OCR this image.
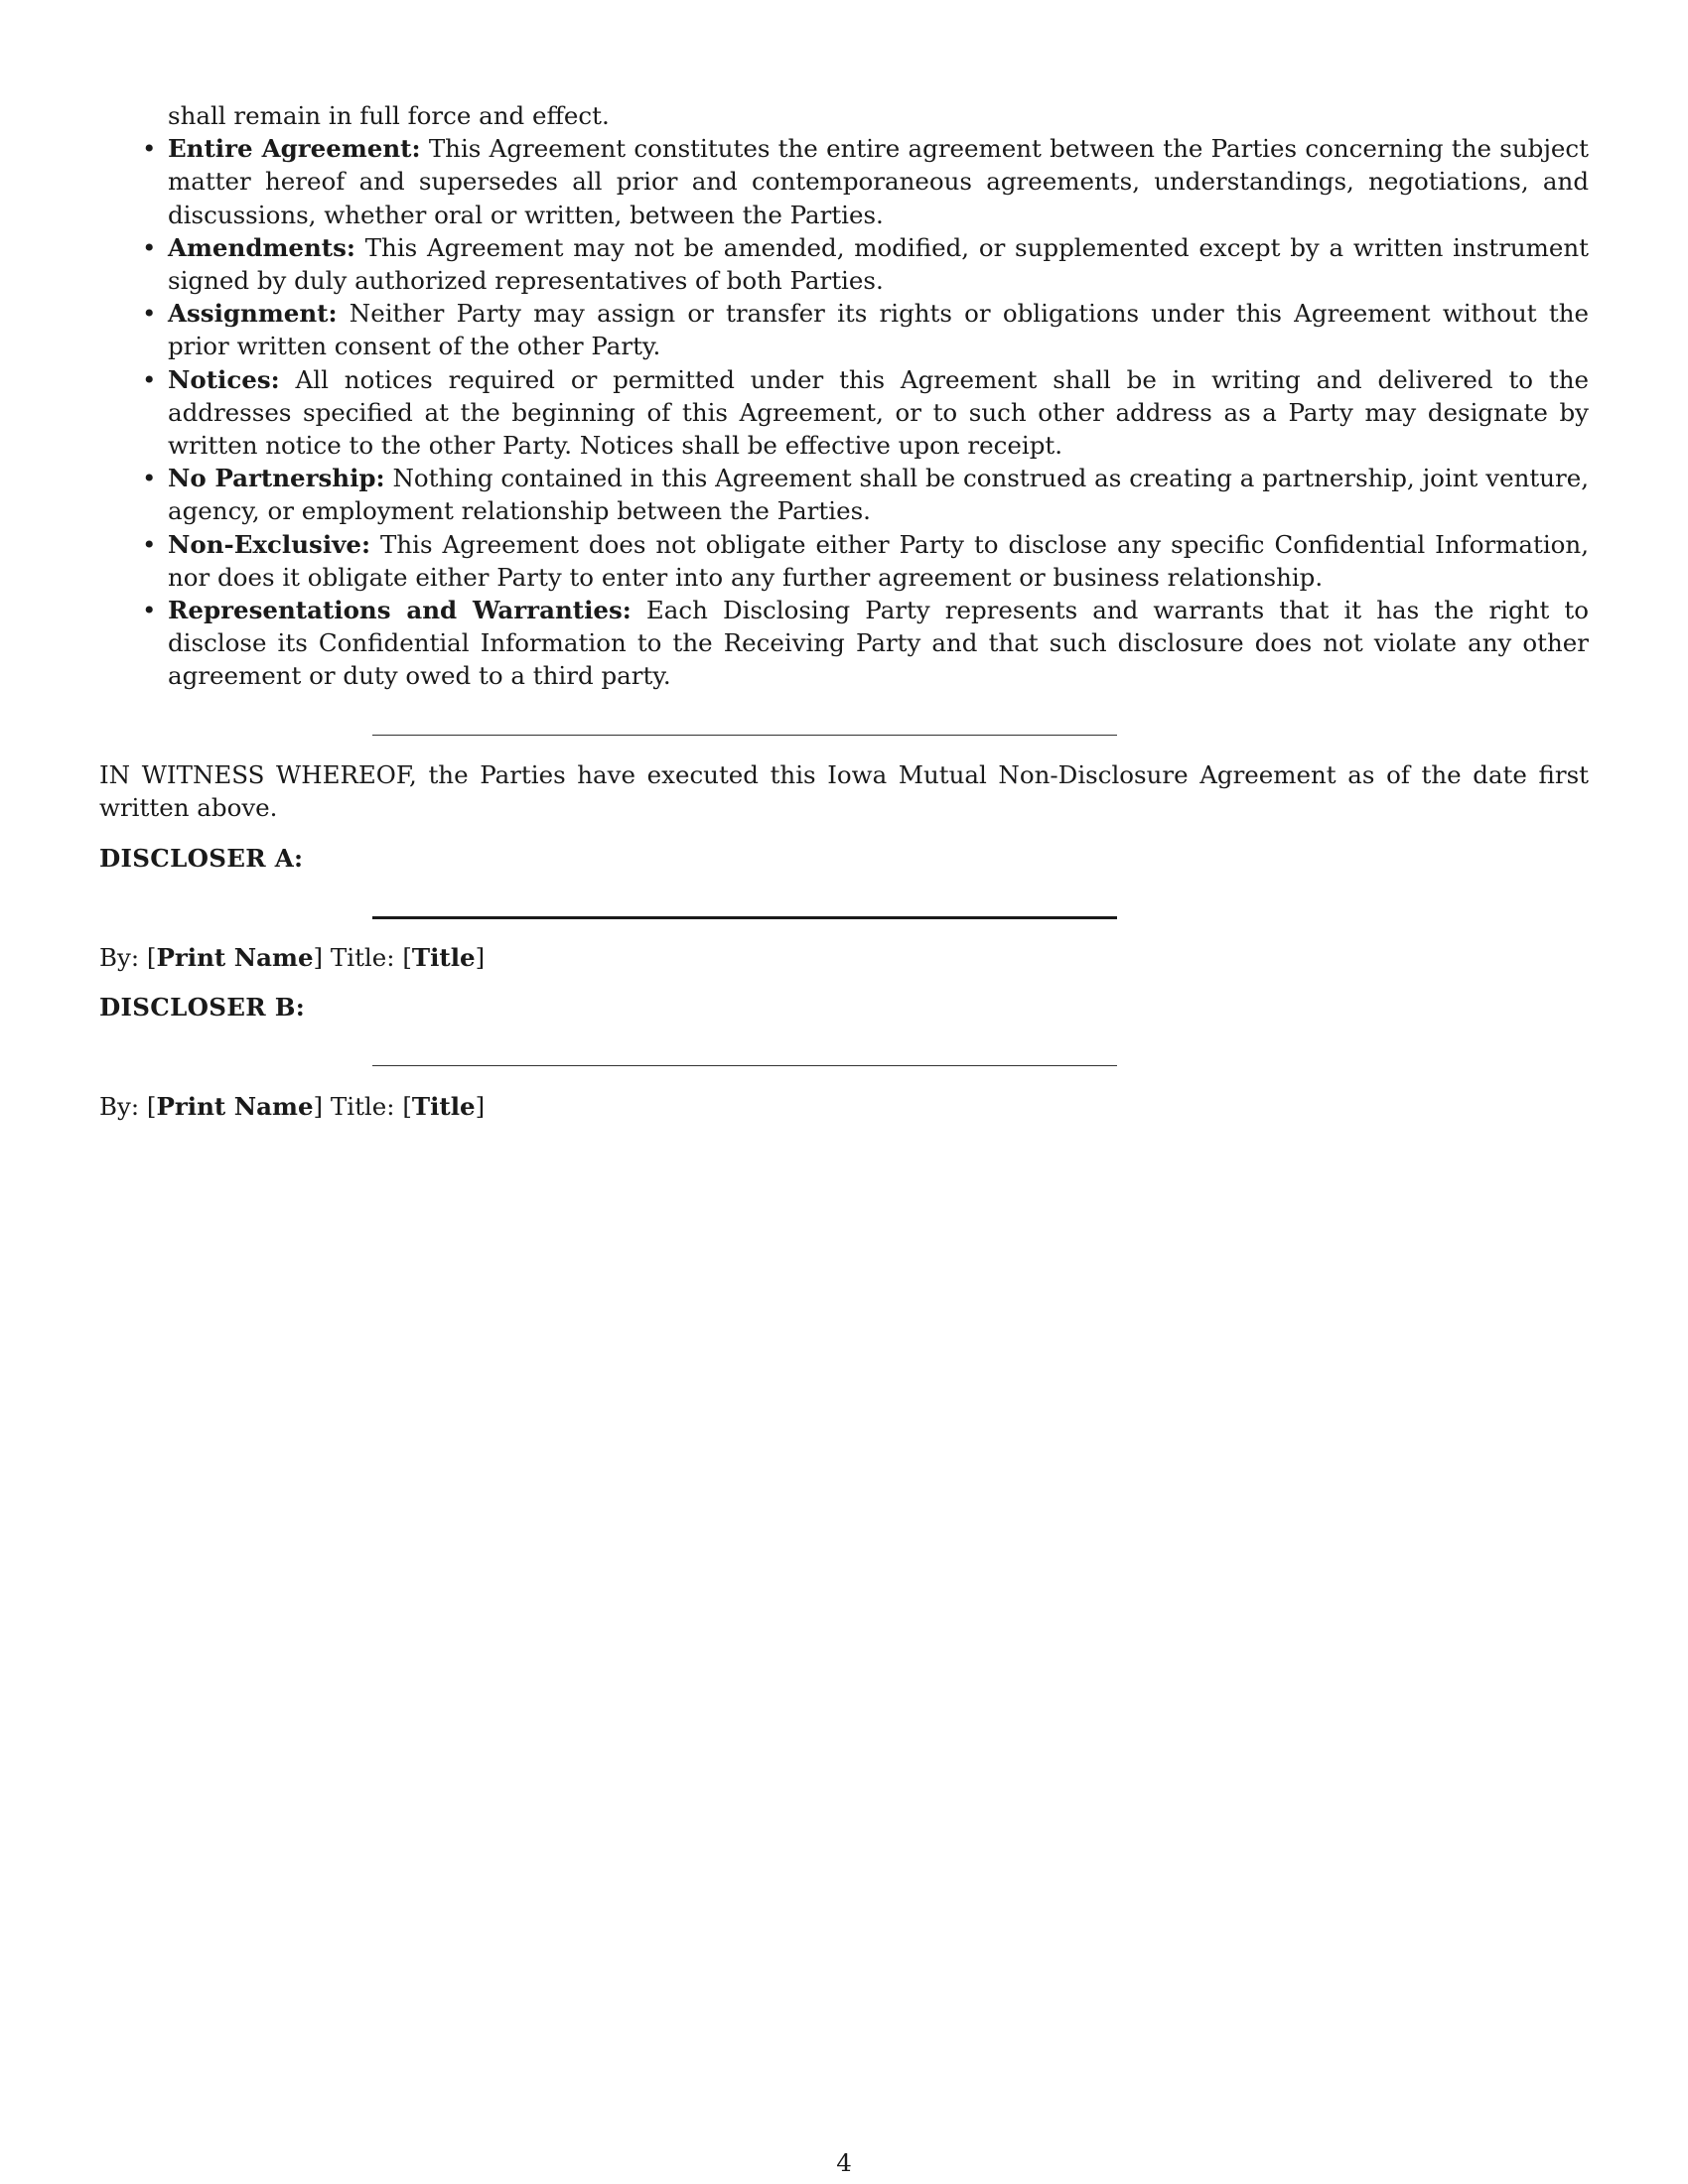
shall remain in full force and effect.

• Entire Agreement: This Agreement constitutes the entire agreement between the Parties concerning the subject matter hereof and supersedes all prior and contemporaneous agreements, understandings, negotiations, and discussions, whether oral or written, between the Parties.
• Amendments: This Agreement may not be amended, modified, or supplemented except by a written instrument signed by duly authorized representatives of both Parties.
• Assignment: Neither Party may assign or transfer its rights or obligations under this Agreement without the prior written consent of the other Party.
• Notices: All notices required or permitted under this Agreement shall be in writing and delivered to the addresses specified at the beginning of this Agreement, or to such other address as a Party may designate by written notice to the other Party. Notices shall be effective upon receipt.
• No Partnership: Nothing contained in this Agreement shall be construed as creating a partnership, joint venture, agency, or employment relationship between the Parties.
• Non-Exclusive: This Agreement does not obligate either Party to disclose any specific Confidential Information, nor does it obligate either Party to enter into any further agreement or business relationship.
• Representations and Warranties: Each Disclosing Party represents and warrants that it has the right to disclose its Confidential Information to the Receiving Party and that such disclosure does not violate any other agreement or duty owed to a third party.
IN WITNESS WHEREOF, the Parties have executed this Iowa Mutual Non-Disclosure Agreement as of the date first written above.
DISCLOSER A:
By: [Print Name] Title: [Title]
DISCLOSER B:
By: [Print Name] Title: [Title]
4
